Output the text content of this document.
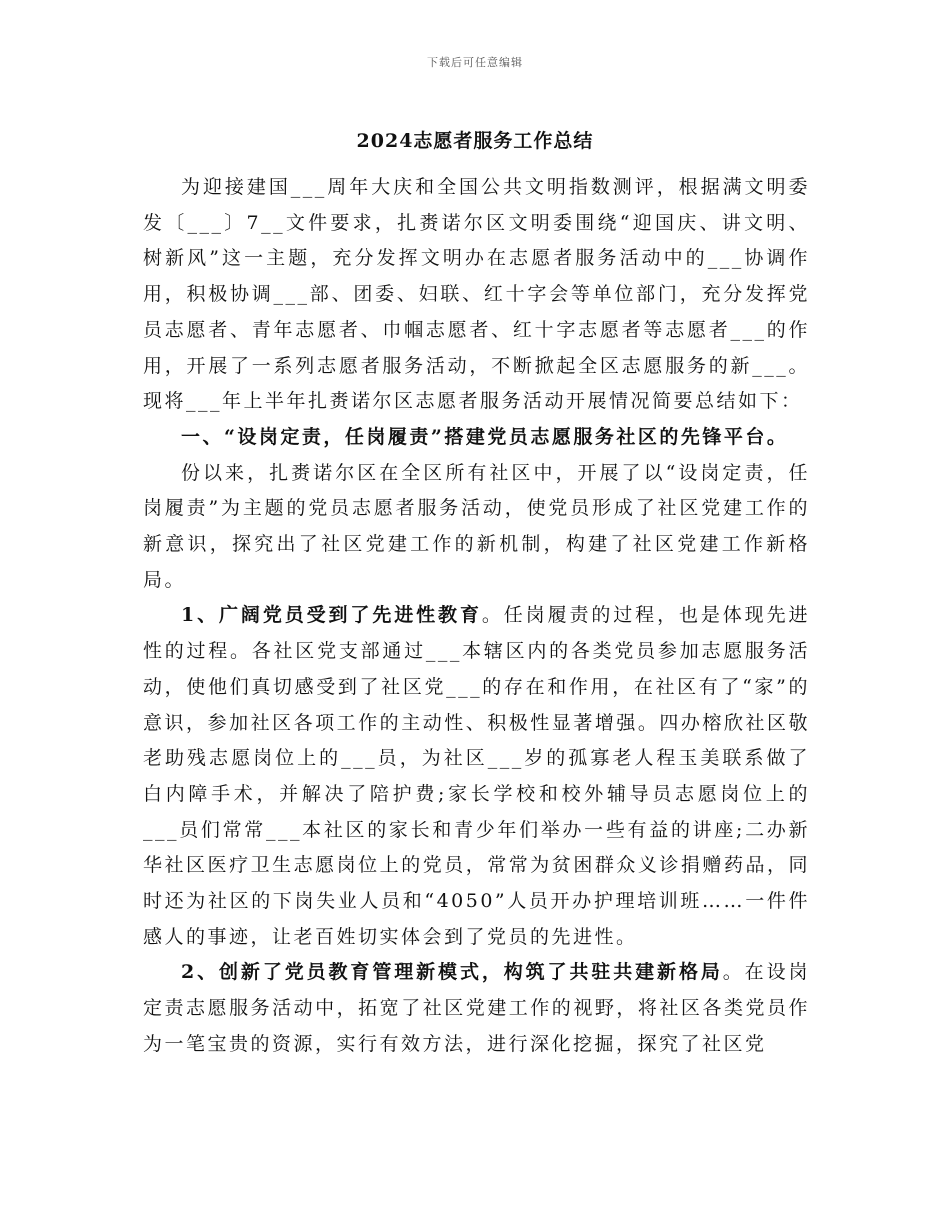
下载后可任意编辑
2024志愿者服务工作总结

为迎接建国___周年大庆和全国公共文明指数测评，根据满文明委发〔___〕7__文件要求，扎赉诺尔区文明委围绕“迎国庆、讲文明、树新风”这一主题，充分发挥文明办在志愿者服务活动中的___协调作用，积极协调___部、团委、妇联、红十字会等单位部门，充分发挥党员志愿者、青年志愿者、巾帼志愿者、红十字志愿者等志愿者___的作用，开展了一系列志愿者服务活动，不断掀起全区志愿服务的新___。现将___年上半年扎赉诺尔区志愿者服务活动开展情况简要总结如下：

一、“设岗定责，任岗履责”搭建党员志愿服务社区的先锋平台。

份以来，扎赉诺尔区在全区所有社区中，开展了以“设岗定责，任岗履责”为主题的党员志愿者服务活动，使党员形成了社区党建工作的新意识，探究出了社区党建工作的新机制，构建了社区党建工作新格局。

1、广阔党员受到了先进性教育。任岗履责的过程，也是体现先进性的过程。各社区党支部通过___本辖区内的各类党员参加志愿服务活动，使他们真切感受到了社区党___的存在和作用，在社区有了“家”的意识，参加社区各项工作的主动性、积极性显著增强。四办榕欣社区敬老助残志愿岗位上的___员，为社区___岁的孤寡老人程玉美联系做了白内障手术，并解决了陪护费;家长学校和校外辅导员志愿岗位上的___员们常常___本社区的家长和青少年们举办一些有益的讲座;二办新华社区医疗卫生志愿岗位上的党员，常常为贫困群众义诊捐赠药品，同时还为社区的下岗失业人员和“4050”人员开办护理培训班……一件件感人的事迹，让老百姓切实体会到了党员的先进性。

2、创新了党员教育管理新模式，构筑了共驻共建新格局。在设岗定责志愿服务活动中，拓宽了社区党建工作的视野，将社区各类党员作为一笔宝贵的资源，实行有效方法，进行深化挖掘，探究了社区党
